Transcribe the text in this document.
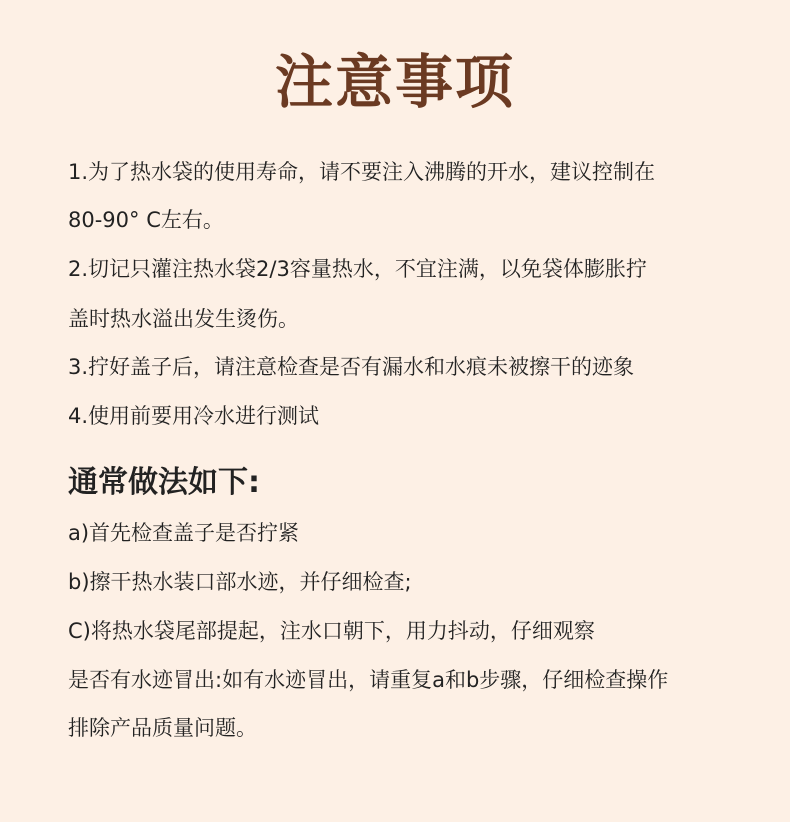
注意事项
1.为了热水袋的使用寿命，请不要注入沸腾的开水，建议控制在
80-90° C左右。
2.切记只灌注热水袋2/3容量热水，不宜注满，以免袋体膨胀拧
盖时热水溢出发生烫伤。
3.拧好盖子后，请注意检查是否有漏水和水痕未被擦干的迹象
4.使用前要用冷水进行测试
通常做法如下:
a)首先检查盖子是否拧紧
b)擦干热水装口部水迹，并仔细检查;
C)将热水袋尾部提起，注水口朝下，用力抖动，仔细观察
是否有水迹冒出:如有水迹冒出，请重复a和b步骤，仔细检查操作
排除产品质量问题。
